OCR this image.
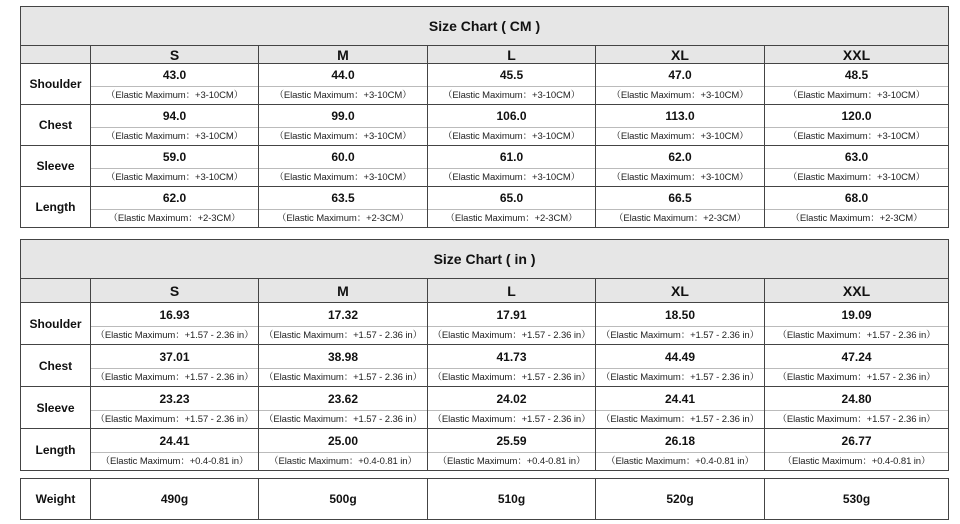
Size Chart ( CM )					
	S	M	L	XL	XXL
Shoulder	43.0	44.0	45.5	47.0	48.5
	（Elastic Maximum：+3-10CM）	（Elastic Maximum：+3-10CM）	（Elastic Maximum：+3-10CM）	（Elastic Maximum：+3-10CM）	（Elastic Maximum：+3-10CM）
Chest	94.0	99.0	106.0	113.0	120.0
	（Elastic Maximum：+3-10CM）	（Elastic Maximum：+3-10CM）	（Elastic Maximum：+3-10CM）	（Elastic Maximum：+3-10CM）	（Elastic Maximum：+3-10CM）
Sleeve	59.0	60.0	61.0	62.0	63.0
	（Elastic Maximum：+3-10CM）	（Elastic Maximum：+3-10CM）	（Elastic Maximum：+3-10CM）	（Elastic Maximum：+3-10CM）	（Elastic Maximum：+3-10CM）
Length	62.0	63.5	65.0	66.5	68.0
	（Elastic Maximum：+2-3CM）	（Elastic Maximum：+2-3CM）	（Elastic Maximum：+2-3CM）	（Elastic Maximum：+2-3CM）	（Elastic Maximum：+2-3CM）
Size Chart ( in )					
	S	M	L	XL	XXL
Shoulder	16.93	17.32	17.91	18.50	19.09
	（Elastic Maximum：+1.57 - 2.36 in）	（Elastic Maximum：+1.57 - 2.36 in）	（Elastic Maximum：+1.57 - 2.36 in）	（Elastic Maximum：+1.57 - 2.36 in）	（Elastic Maximum：+1.57 - 2.36 in）
Chest	37.01	38.98	41.73	44.49	47.24
	（Elastic Maximum：+1.57 - 2.36 in）	（Elastic Maximum：+1.57 - 2.36 in）	（Elastic Maximum：+1.57 - 2.36 in）	（Elastic Maximum：+1.57 - 2.36 in）	（Elastic Maximum：+1.57 - 2.36 in）
Sleeve	23.23	23.62	24.02	24.41	24.80
	（Elastic Maximum：+1.57 - 2.36 in）	（Elastic Maximum：+1.57 - 2.36 in）	（Elastic Maximum：+1.57 - 2.36 in）	（Elastic Maximum：+1.57 - 2.36 in）	（Elastic Maximum：+1.57 - 2.36 in）
Length	24.41	25.00	25.59	26.18	26.77
	（Elastic Maximum：+0.4-0.81 in）	（Elastic Maximum：+0.4-0.81 in）	（Elastic Maximum：+0.4-0.81 in）	（Elastic Maximum：+0.4-0.81 in）	（Elastic Maximum：+0.4-0.81 in）
Weight	490g	500g	510g	520g	530g
